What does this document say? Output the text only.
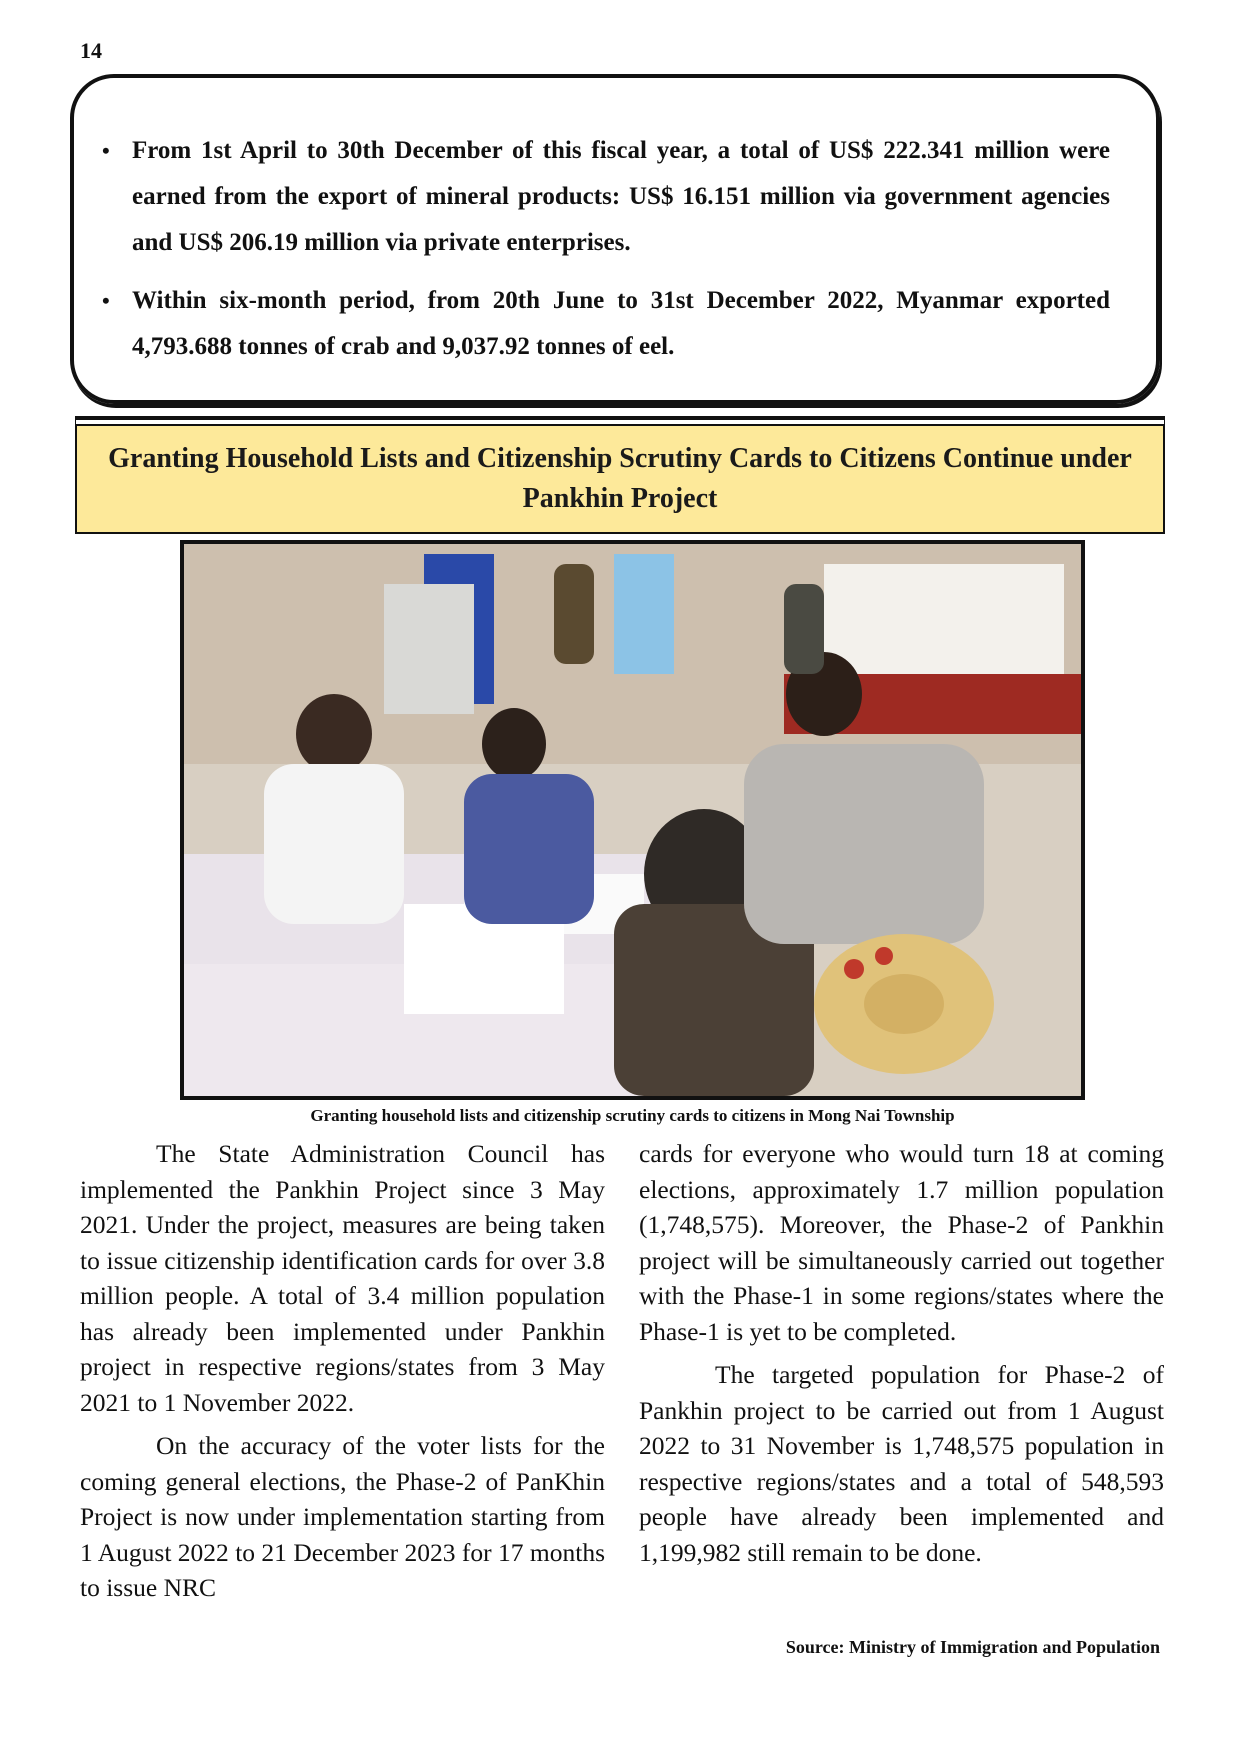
14
• From 1st April to 30th December of this fiscal year, a total of US$ 222.341 million were earned from the export of mineral products: US$ 16.151 million via government agencies and US$ 206.19 million via private enterprises.
• Within six-month period, from 20th June to 31st December 2022, Myanmar exported 4,793.688 tonnes of crab and 9,037.92 tonnes of eel.
Granting Household Lists and Citizenship Scrutiny Cards to Citizens Continue under Pankhin Project
Granting household lists and citizenship scrutiny cards to citizens in Mong Nai Township

The State Administration Council has implemented the Pankhin Project since 3 May 2021. Under the project, measures are being taken to issue citizenship identification cards for over 3.8 million people. A total of 3.4 million population has already been implemented under Pankhin project in respective regions/states from 3 May 2021 to 1 November 2022.

On the accuracy of the voter lists for the coming general elections, the Phase-2 of PanKhin Project is now under implementation starting from 1 August 2022 to 21 December 2023 for 17 months to issue NRC

cards for everyone who would turn 18 at coming elections, approximately 1.7 million population (1,748,575). Moreover, the Phase-2 of Pankhin project will be simultaneously carried out together with the Phase-1 in some regions/states where the Phase-1 is yet to be completed.

The targeted population for Phase-2 of Pankhin project to be carried out from 1 August 2022 to 31 November is 1,748,575 population in respective regions/states and a total of 548,593 people have already been implemented and 1,199,982 still remain to be done.

Source: Ministry of Immigration and Population
